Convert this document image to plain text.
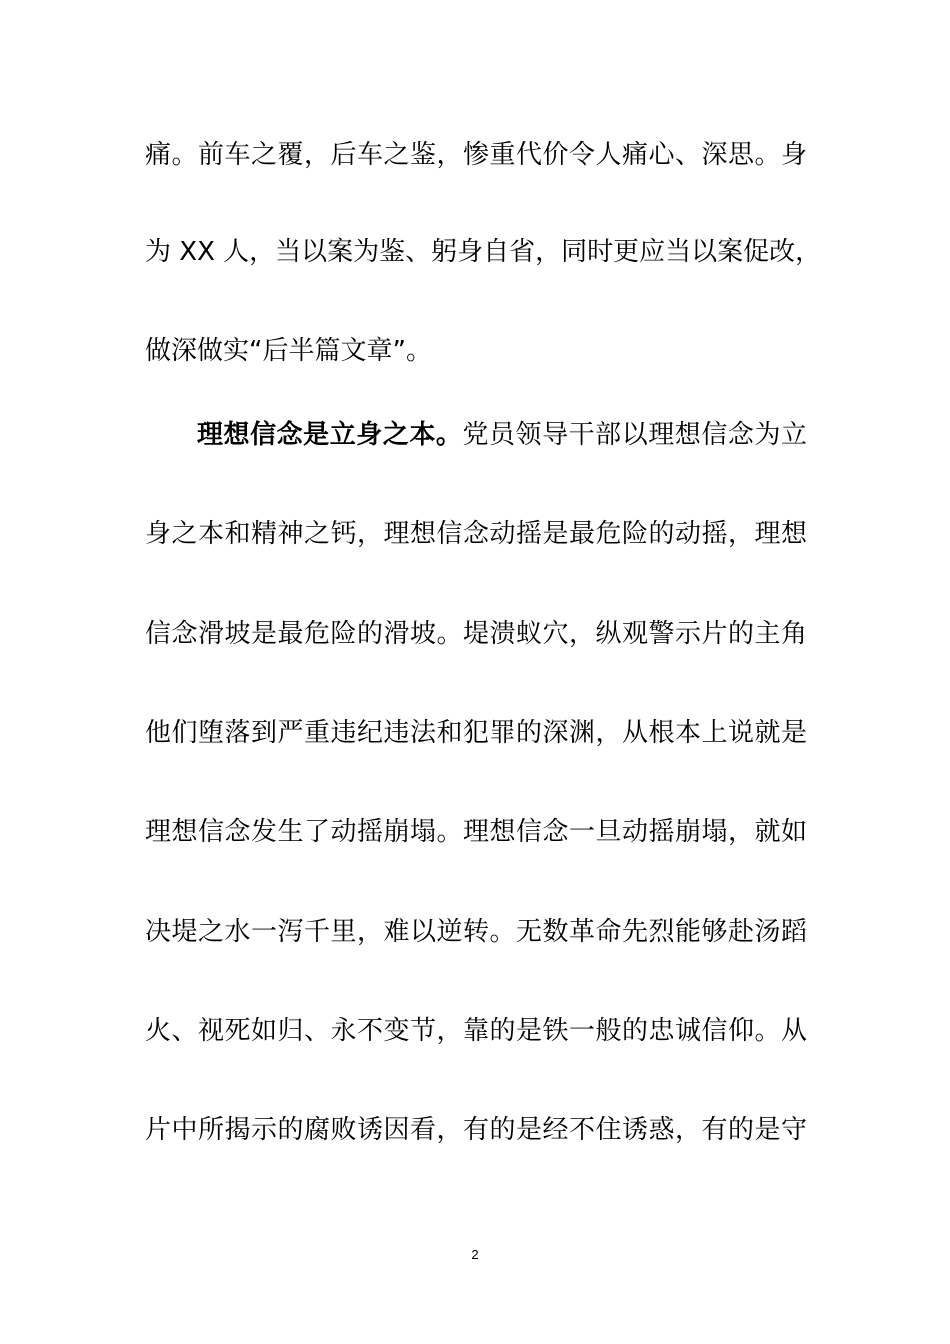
痛。前车之覆，后车之鉴，惨重代价令人痛心、深思。身
为 XX 人，当以案为鉴、躬身自省，同时更应当以案促改，
做深做实“后半篇文章”。
理想信念是立身之本。党员领导干部以理想信念为立
身之本和精神之钙，理想信念动摇是最危险的动摇，理想
信念滑坡是最危险的滑坡。堤溃蚁穴，纵观警示片的主角
他们堕落到严重违纪违法和犯罪的深渊，从根本上说就是
理想信念发生了动摇崩塌。理想信念一旦动摇崩塌，就如
决堤之水一泻千里，难以逆转。无数革命先烈能够赴汤蹈
火、视死如归、永不变节，靠的是铁一般的忠诚信仰。从
片中所揭示的腐败诱因看，有的是经不住诱惑，有的是守
2
